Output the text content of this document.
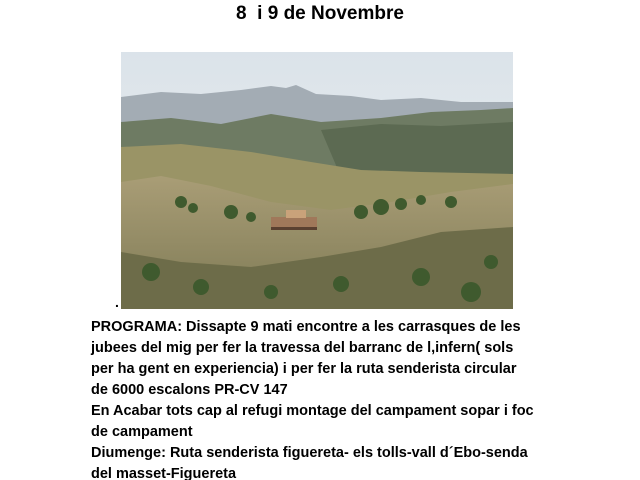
8  i 9 de Novembre
.
PROGRAMA: Dissapte 9 mati encontre a les carrasques de les
jubees del mig per fer la travessa del barranc de l,infern( sols
per ha gent en experiencia) i per fer la ruta senderista circular
de 6000 escalons PR-CV 147
En Acabar tots cap al refugi montage del campament sopar i foc
de campament
Diumenge: Ruta senderista figuereta- els tolls-vall d´Ebo-senda
del masset-Figuereta
